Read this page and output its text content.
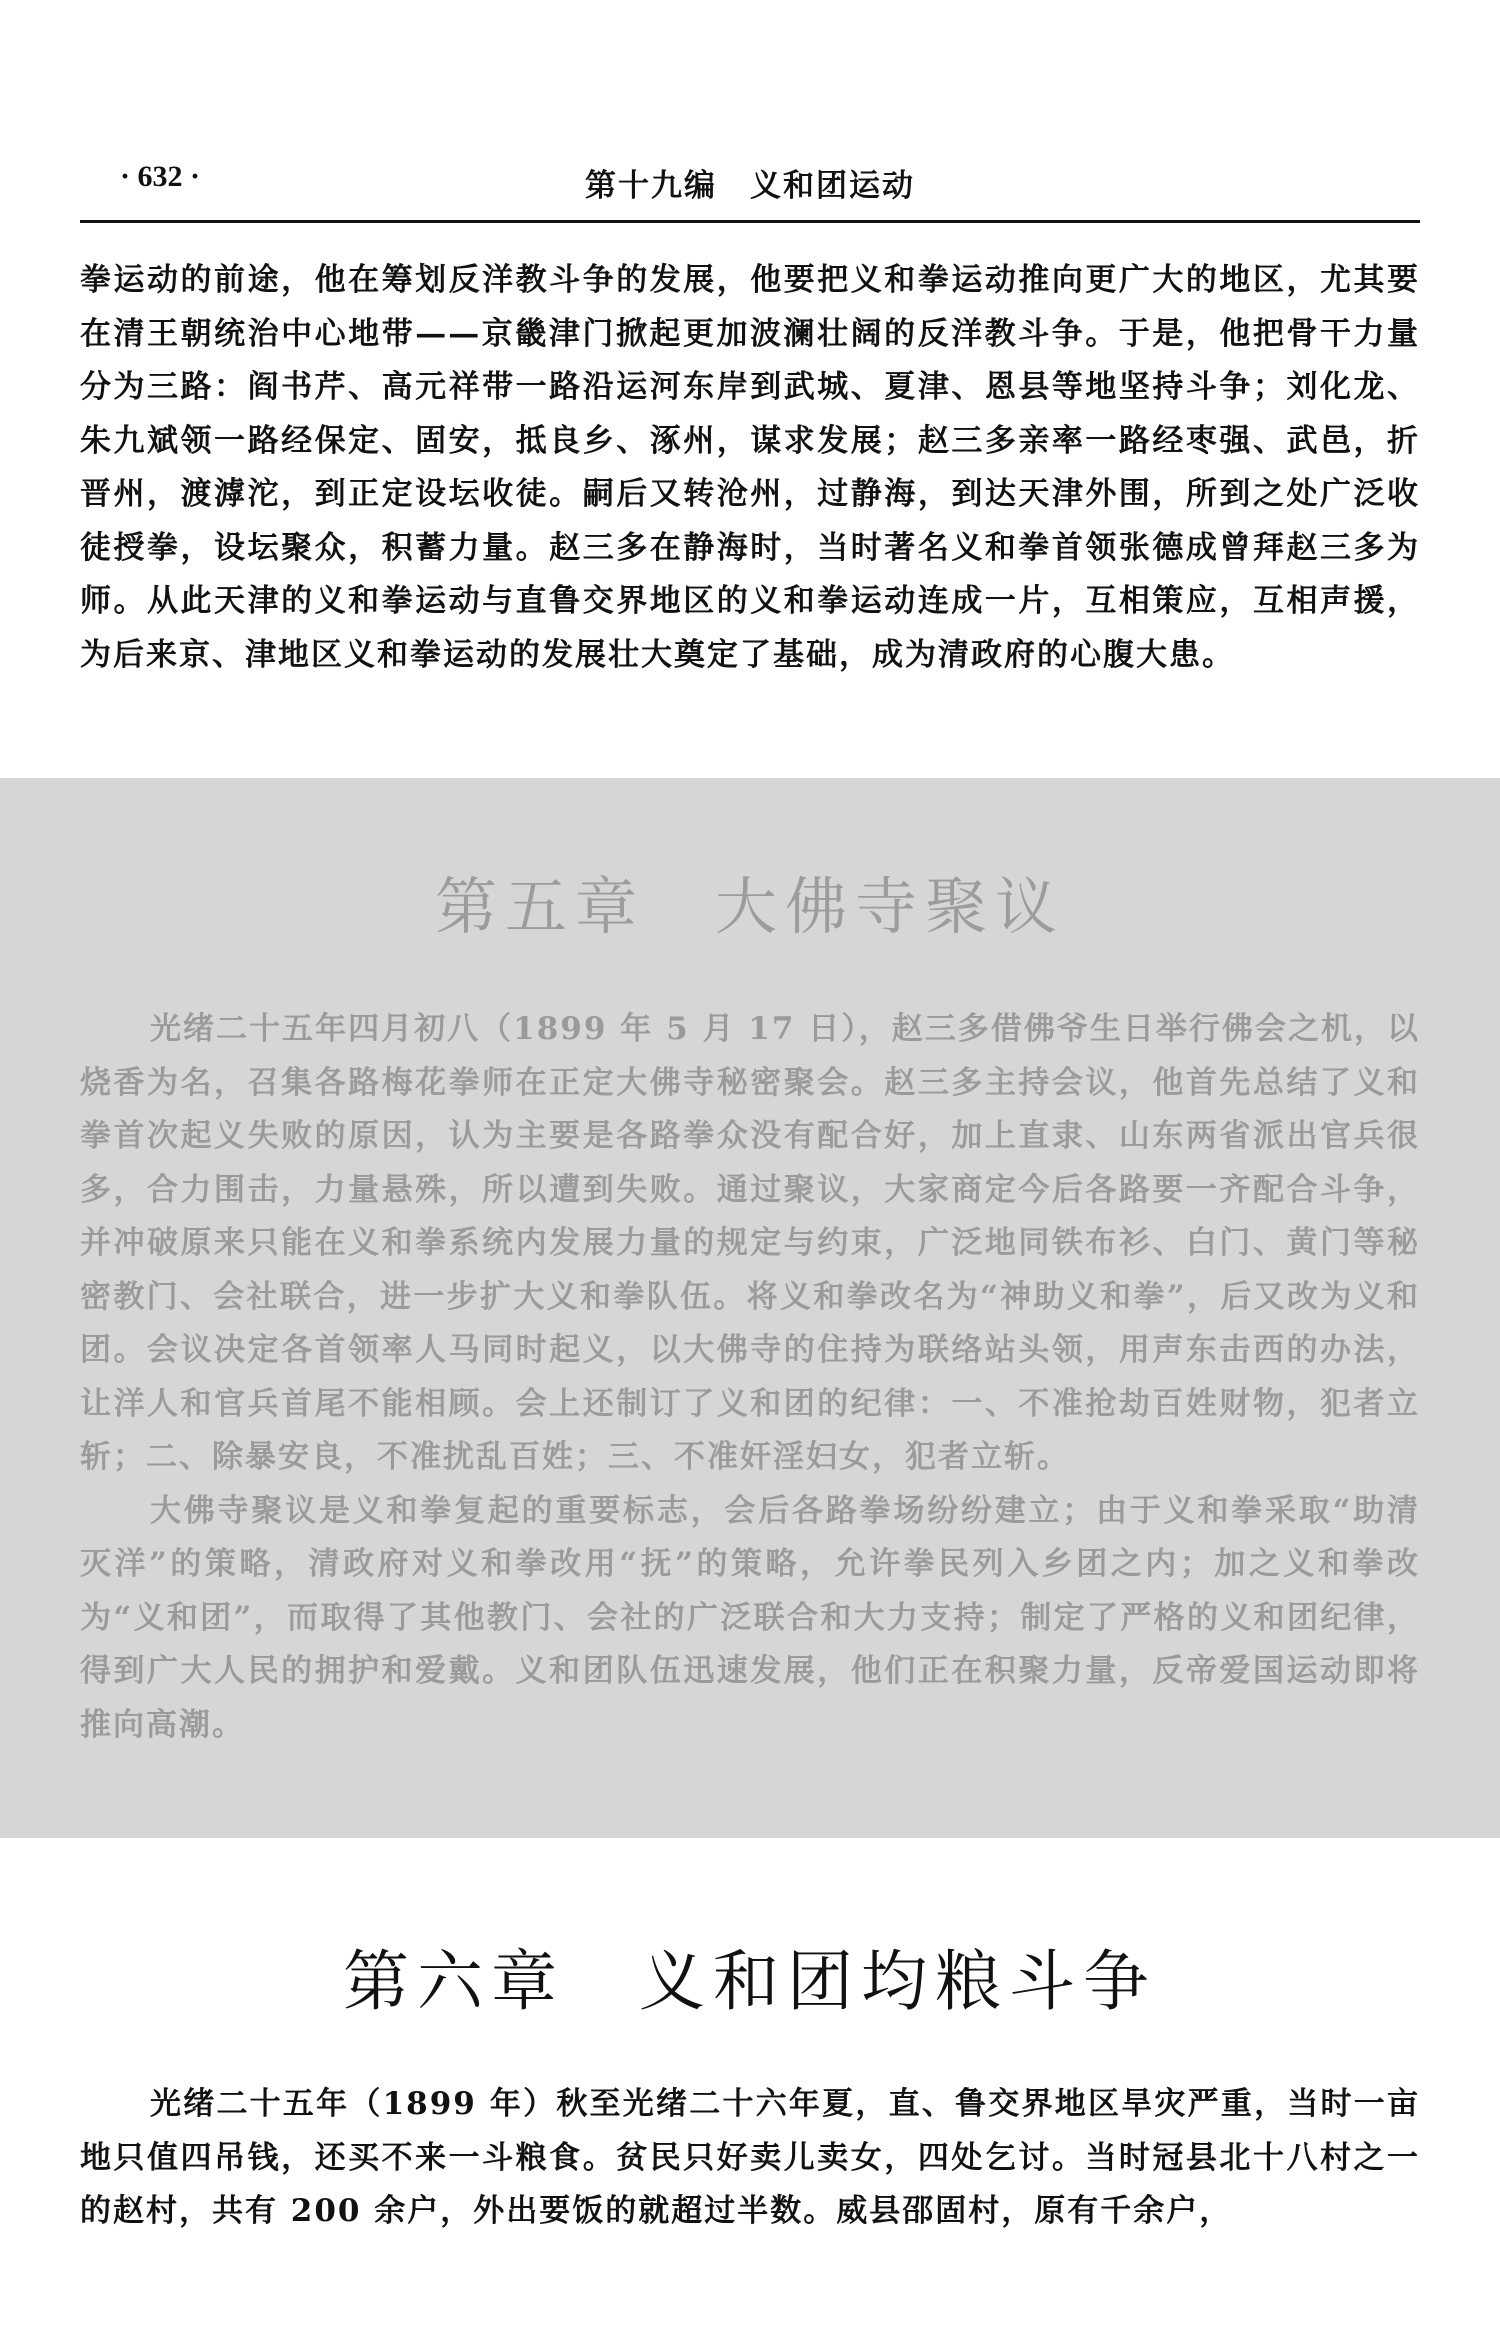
· 632 ·	第十九编　义和团运动

拳运动的前途，他在筹划反洋教斗争的发展，他要把义和拳运动推向更广大的地区，尤其要在清王朝统治中心地带——京畿津门掀起更加波澜壮阔的反洋教斗争。于是，他把骨干力量分为三路：阎书芹、高元祥带一路沿运河东岸到武城、夏津、恩县等地坚持斗争；刘化龙、朱九斌领一路经保定、固安，抵良乡、涿州，谋求发展；赵三多亲率一路经枣强、武邑，折晋州，渡滹沱，到正定设坛收徒。嗣后又转沧州，过静海，到达天津外围，所到之处广泛收徒授拳，设坛聚众，积蓄力量。赵三多在静海时，当时著名义和拳首领张德成曾拜赵三多为师。从此天津的义和拳运动与直鲁交界地区的义和拳运动连成一片，互相策应，互相声援，为后来京、津地区义和拳运动的发展壮大奠定了基础，成为清政府的心腹大患。

第五章　大佛寺聚议

光绪二十五年四月初八（1899 年 5 月 17 日），赵三多借佛爷生日举行佛会之机，以烧香为名，召集各路梅花拳师在正定大佛寺秘密聚会。赵三多主持会议，他首先总结了义和拳首次起义失败的原因，认为主要是各路拳众没有配合好，加上直隶、山东两省派出官兵很多，合力围击，力量悬殊，所以遭到失败。通过聚议，大家商定今后各路要一齐配合斗争，并冲破原来只能在义和拳系统内发展力量的规定与约束，广泛地同铁布衫、白门、黄门等秘密教门、会社联合，进一步扩大义和拳队伍。将义和拳改名为“神助义和拳”，后又改为义和团。会议决定各首领率人马同时起义，以大佛寺的住持为联络站头领，用声东击西的办法，让洋人和官兵首尾不能相顾。会上还制订了义和团的纪律：一、不准抢劫百姓财物，犯者立斩；二、除暴安良，不准扰乱百姓；三、不准奸淫妇女，犯者立斩。

大佛寺聚议是义和拳复起的重要标志，会后各路拳场纷纷建立；由于义和拳采取“助清灭洋”的策略，清政府对义和拳改用“抚”的策略，允许拳民列入乡团之内；加之义和拳改为“义和团”，而取得了其他教门、会社的广泛联合和大力支持；制定了严格的义和团纪律，得到广大人民的拥护和爱戴。义和团队伍迅速发展，他们正在积聚力量，反帝爱国运动即将推向高潮。

第六章　义和团均粮斗争

光绪二十五年（1899 年）秋至光绪二十六年夏，直、鲁交界地区旱灾严重，当时一亩地只值四吊钱，还买不来一斗粮食。贫民只好卖儿卖女，四处乞讨。当时冠县北十八村之一的赵村，共有 200 余户，外出要饭的就超过半数。威县邵固村，原有千余户，
